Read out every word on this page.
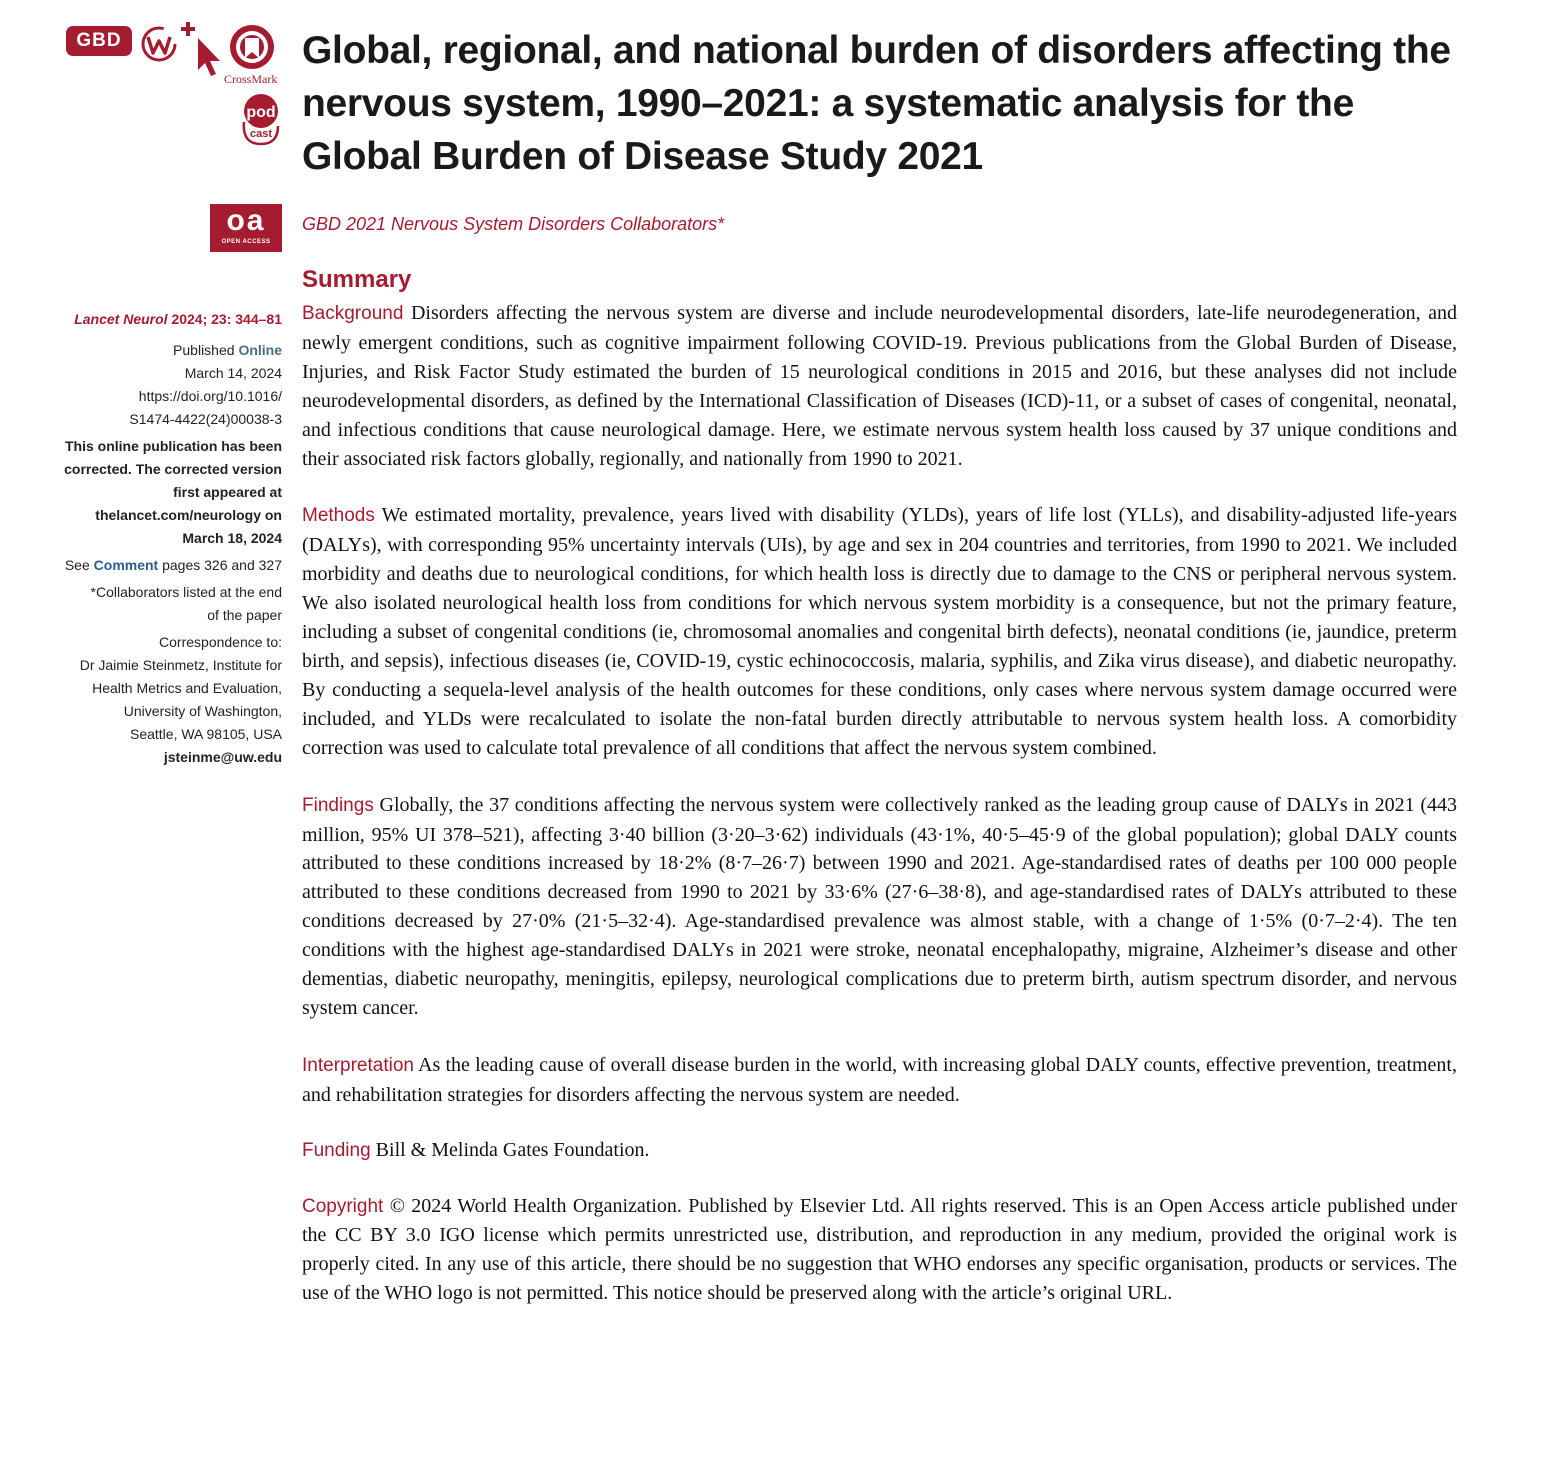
GBD
CrossMark
pod
cast
oa
OPEN ACCESS
Lancet Neurol 2024; 23: 344–81
Published Online
March 14, 2024
https://doi.org/10.1016/
S1474-4422(24)00038-3
This online publication has been
corrected. The corrected version
first appeared at
thelancet.com/neurology on
March 18, 2024
See Comment pages 326 and 327
*Collaborators listed at the end
of the paper
Correspondence to:
Dr Jaimie Steinmetz, Institute for
Health Metrics and Evaluation,
University of Washington,
Seattle, WA 98105, USA
jsteinme@uw.edu
Global, regional, and national burden of disorders affecting the nervous system, 1990–2021: a systematic analysis for the Global Burden of Disease Study 2021
GBD 2021 Nervous System Disorders Collaborators*
Summary

Background Disorders affecting the nervous system are diverse and include neurodevelopmental disorders, late-life neurodegeneration, and newly emergent conditions, such as cognitive impairment following COVID-19. Previous publications from the Global Burden of Disease, Injuries, and Risk Factor Study estimated the burden of 15 neurological conditions in 2015 and 2016, but these analyses did not include neurodevelopmental disorders, as defined by the International Classification of Diseases (ICD)-11, or a subset of cases of congenital, neonatal, and infectious conditions that cause neurological damage. Here, we estimate nervous system health loss caused by 37 unique conditions and their associated risk factors globally, regionally, and nationally from 1990 to 2021.

Methods We estimated mortality, prevalence, years lived with disability (YLDs), years of life lost (YLLs), and disability-adjusted life-years (DALYs), with corresponding 95% uncertainty intervals (UIs), by age and sex in 204 countries and territories, from 1990 to 2021. We included morbidity and deaths due to neurological conditions, for which health loss is directly due to damage to the CNS or peripheral nervous system. We also isolated neurological health loss from conditions for which nervous system morbidity is a consequence, but not the primary feature, including a subset of congenital conditions (ie, chromosomal anomalies and congenital birth defects), neonatal conditions (ie, jaundice, preterm birth, and sepsis), infectious diseases (ie, COVID-19, cystic echinococcosis, malaria, syphilis, and Zika virus disease), and diabetic neuropathy. By conducting a sequela-level analysis of the health outcomes for these conditions, only cases where nervous system damage occurred were included, and YLDs were recalculated to isolate the non-fatal burden directly attributable to nervous system health loss. A comorbidity correction was used to calculate total prevalence of all conditions that affect the nervous system combined.

Findings Globally, the 37 conditions affecting the nervous system were collectively ranked as the leading group cause of DALYs in 2021 (443 million, 95% UI 378–521), affecting 3·40 billion (3·20–3·62) individuals (43·1%, 40·5–45·9 of the global population); global DALY counts attributed to these conditions increased by 18·2% (8·7–26·7) between 1990 and 2021. Age-standardised rates of deaths per 100 000 people attributed to these conditions decreased from 1990 to 2021 by 33·6% (27·6–38·8), and age-standardised rates of DALYs attributed to these conditions decreased by 27·0% (21·5–32·4). Age-standardised prevalence was almost stable, with a change of 1·5% (0·7–2·4). The ten conditions with the highest age-standardised DALYs in 2021 were stroke, neonatal encephalopathy, migraine, Alzheimer’s disease and other dementias, diabetic neuropathy, meningitis, epilepsy, neurological complications due to preterm birth, autism spectrum disorder, and nervous system cancer.

Interpretation As the leading cause of overall disease burden in the world, with increasing global DALY counts, effective prevention, treatment, and rehabilitation strategies for disorders affecting the nervous system are needed.

Funding Bill & Melinda Gates Foundation.

Copyright © 2024 World Health Organization. Published by Elsevier Ltd. All rights reserved. This is an Open Access article published under the CC BY 3.0 IGO license which permits unrestricted use, distribution, and reproduction in any medium, provided the original work is properly cited. In any use of this article, there should be no suggestion that WHO endorses any specific organisation, products or services. The use of the WHO logo is not permitted. This notice should be preserved along with the article’s original URL.
